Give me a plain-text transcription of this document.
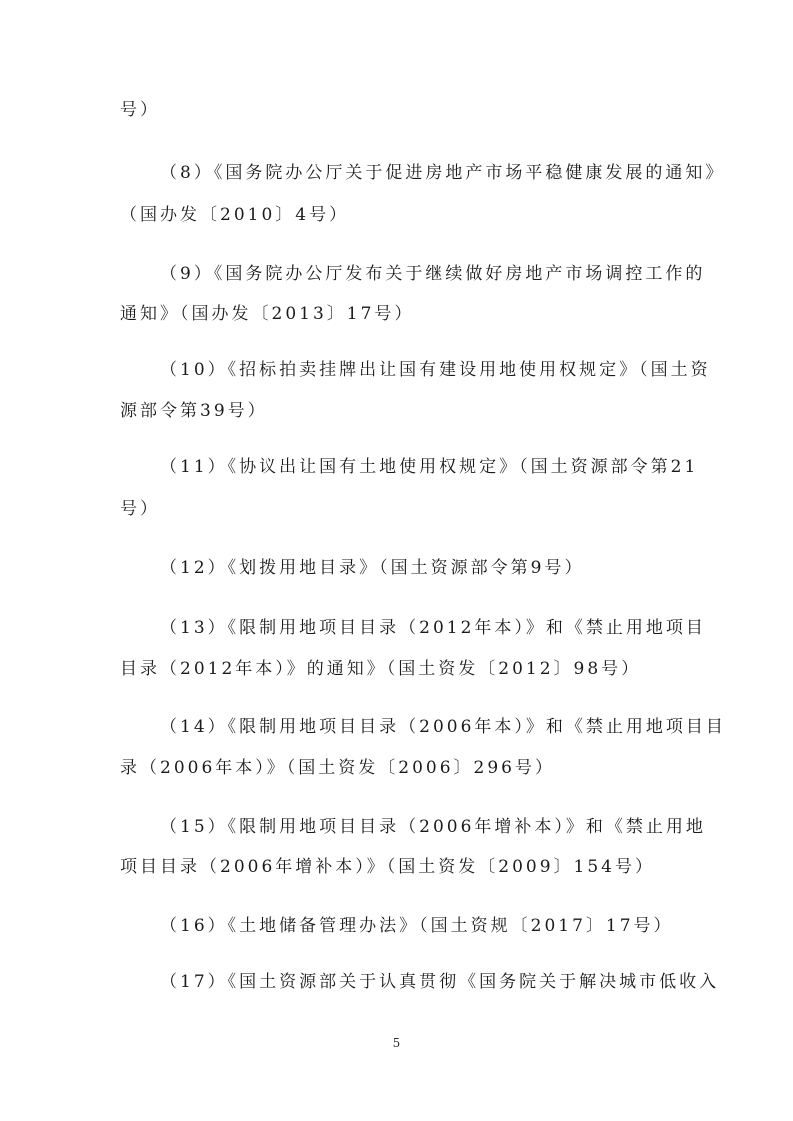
号）
（8）《国务院办公厅关于促进房地产市场平稳健康发展的通知》
（国办发〔2010〕4号）
（9）《国务院办公厅发布关于继续做好房地产市场调控工作的
通知》（国办发〔2013〕17号）
（10）《招标拍卖挂牌出让国有建设用地使用权规定》（国土资
源部令第39号）
（11）《协议出让国有土地使用权规定》（国土资源部令第21
号）
（12）《划拨用地目录》（国土资源部令第9号）
（13）《限制用地项目目录（2012年本）》和《禁止用地项目
目录（2012年本）》的通知》（国土资发〔2012〕98号）
（14）《限制用地项目目录（2006年本）》和《禁止用地项目目
录（2006年本）》（国土资发〔2006〕296号）
（15）《限制用地项目目录（2006年增补本）》和《禁止用地
项目目录（2006年增补本）》（国土资发〔2009〕154号）
（16）《土地储备管理办法》（国土资规〔2017〕17号）
（17）《国土资源部关于认真贯彻《国务院关于解决城市低收入
5
